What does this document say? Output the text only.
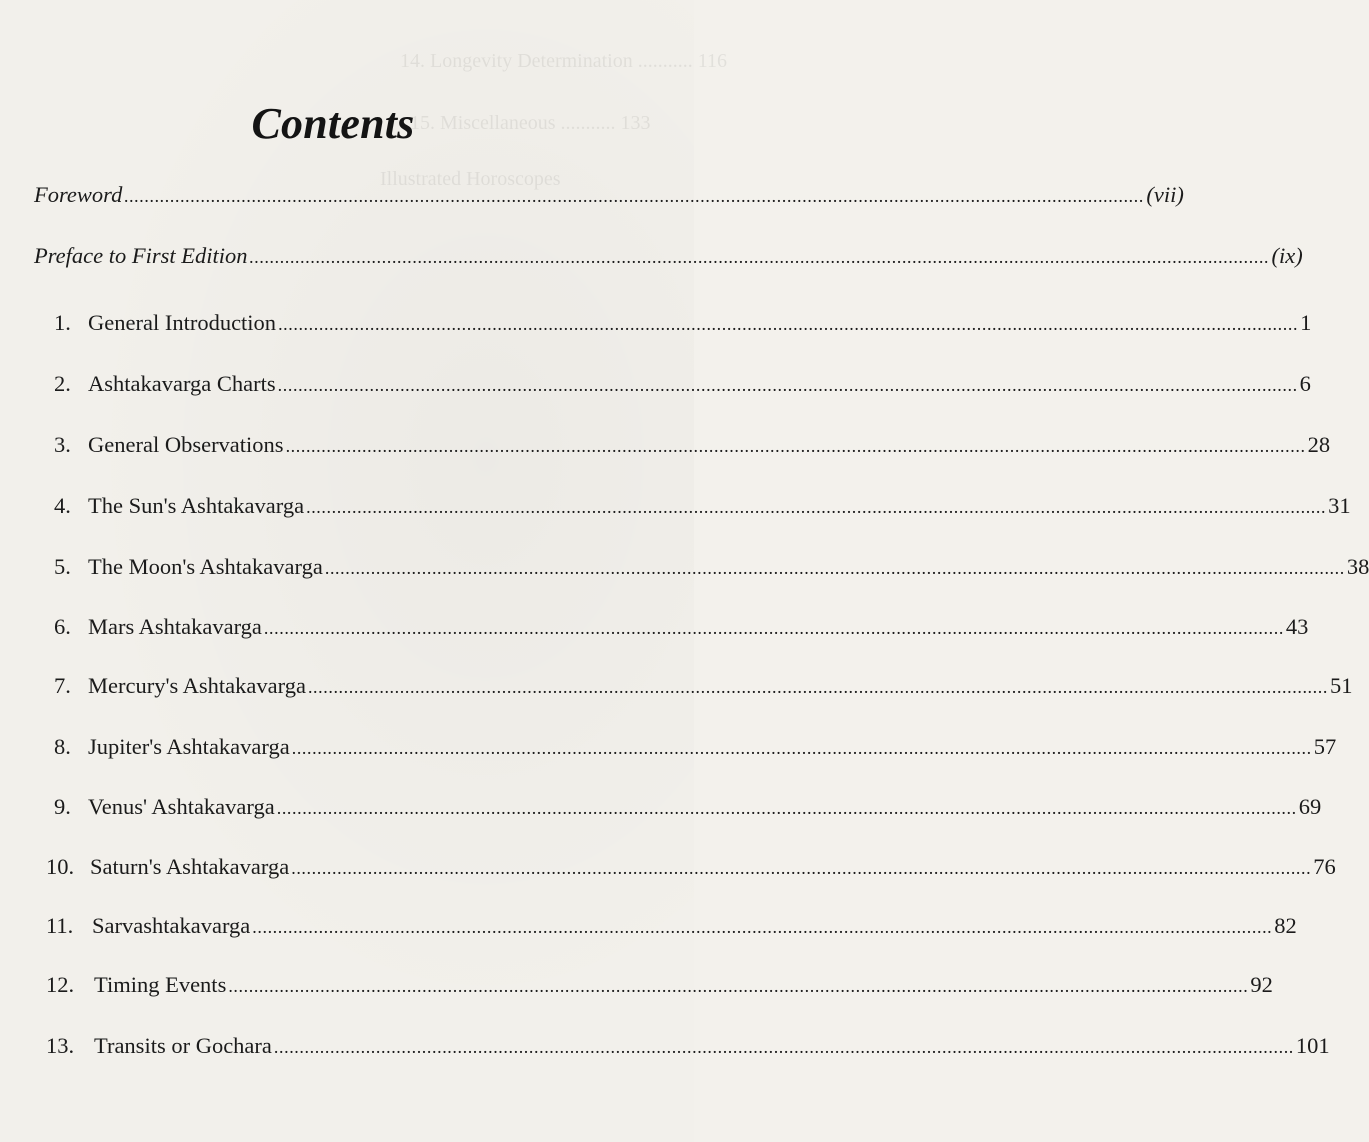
14. Longevity Determination ........... 116
15. Miscellaneous ........... 133
Illustrated Horoscopes
Contents
Foreword ........................................................................................................................................................................................................ (vii)
Preface to First Edition ........................................................................................................................................................................................................ (ix)
1. General Introduction ........................................................................................................................................................................................................ 1
2. Ashtakavarga Charts ........................................................................................................................................................................................................ 6
3. General Observations ........................................................................................................................................................................................................ 28
4. The Sun's Ashtakavarga ........................................................................................................................................................................................................ 31
5. The Moon's Ashtakavarga ........................................................................................................................................................................................................ 38
6. Mars Ashtakavarga ........................................................................................................................................................................................................ 43
7. Mercury's Ashtakavarga ........................................................................................................................................................................................................ 51
8. Jupiter's Ashtakavarga ........................................................................................................................................................................................................ 57
9. Venus' Ashtakavarga ........................................................................................................................................................................................................ 69
10. Saturn's Ashtakavarga ........................................................................................................................................................................................................ 76
11. Sarvashtakavarga ........................................................................................................................................................................................................ 82
12. Timing Events ........................................................................................................................................................................................................ 92
13. Transits or Gochara ........................................................................................................................................................................................................ 101
